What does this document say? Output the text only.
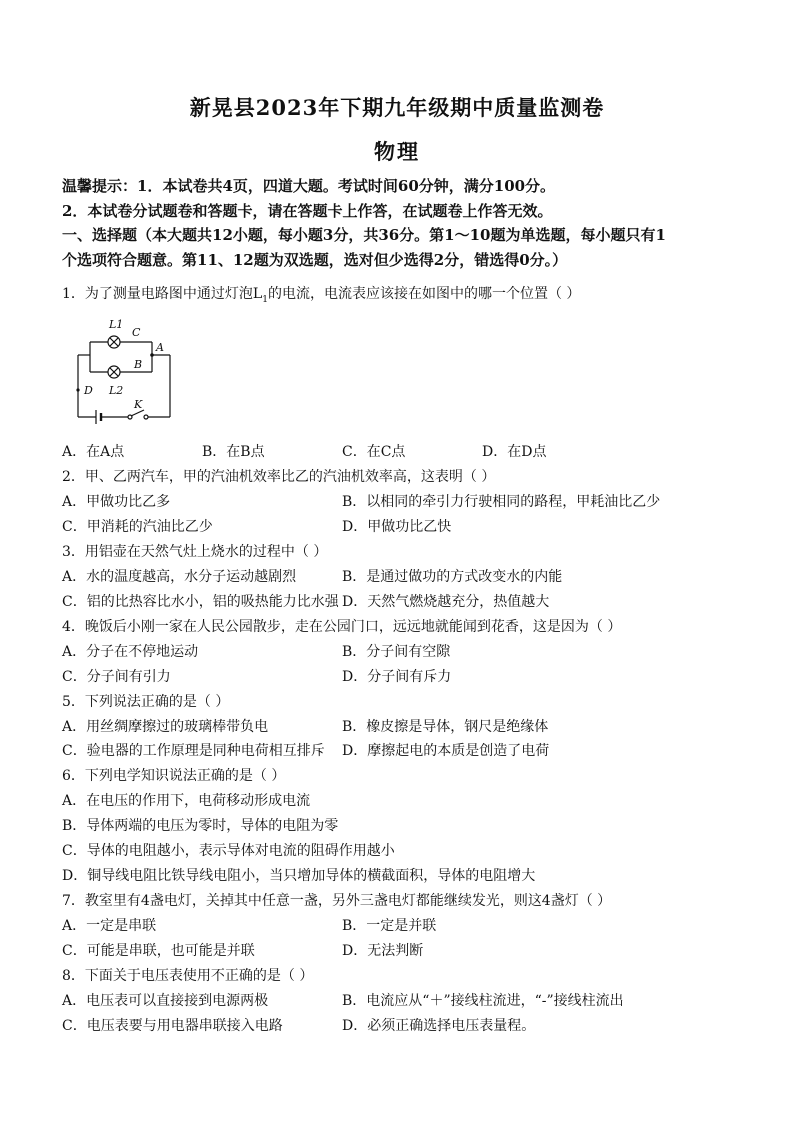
新晃县2023年下期九年级期中质量监测卷
物理
温馨提示：1．本试卷共4页，四道大题。考试时间60分钟，满分100分。
2．本试卷分试题卷和答题卡，请在答题卡上作答，在试题卷上作答无效。
一、选择题（本大题共12小题，每小题3分，共36分。第1～10题为单选题，每小题只有1
个选项符合题意。第11、12题为双选题，选对但少选得2分，错选得0分。）
1．为了测量电路图中通过灯泡$L_1$的电流，电流表应该接在如图中的哪一个位置（ ）
L1
C
A
B
D L2
K
A．在A点	B．在B点	C．在C点	D．在D点
2．甲、乙两汽车，甲的汽油机效率比乙的汽油机效率高，这表明（ ）
A．甲做功比乙多	B．以相同的牵引力行驶相同的路程，甲耗油比乙少
C．甲消耗的汽油比乙少	D．甲做功比乙快
3．用铝壶在天然气灶上烧水的过程中（ ）
A．水的温度越高，水分子运动越剧烈	B．是通过做功的方式改变水的内能
C．铝的比热容比水小，铝的吸热能力比水强 D．天然气燃烧越充分，热值越大
4．晚饭后小刚一家在人民公园散步，走在公园门口，远远地就能闻到花香，这是因为（ ）
A．分子在不停地运动	B．分子间有空隙
C．分子间有引力	D．分子间有斥力
5．下列说法正确的是（ ）
A．用丝绸摩擦过的玻璃棒带负电	B．橡皮擦是导体，钢尺是绝缘体
C．验电器的工作原理是同种电荷相互排斥 D．摩擦起电的本质是创造了电荷
6．下列电学知识说法正确的是（ ）
A．在电压的作用下，电荷移动形成电流
B．导体两端的电压为零时，导体的电阻为零
C．导体的电阻越小，表示导体对电流的阻碍作用越小
D．铜导线电阻比铁导线电阻小，当只增加导体的横截面积，导体的电阻增大
7．教室里有4盏电灯，关掉其中任意一盏，另外三盏电灯都能继续发光，则这4盏灯（ ）
A．一定是串联	B．一定是并联
C．可能是串联，也可能是并联	D．无法判断
8．下面关于电压表使用不正确的是（ ）
A．电压表可以直接接到电源两极	B．电流应从“＋”接线柱流进，“-”接线柱流出
C．电压表要与用电器串联接入电路	D．必须正确选择电压表量程。
